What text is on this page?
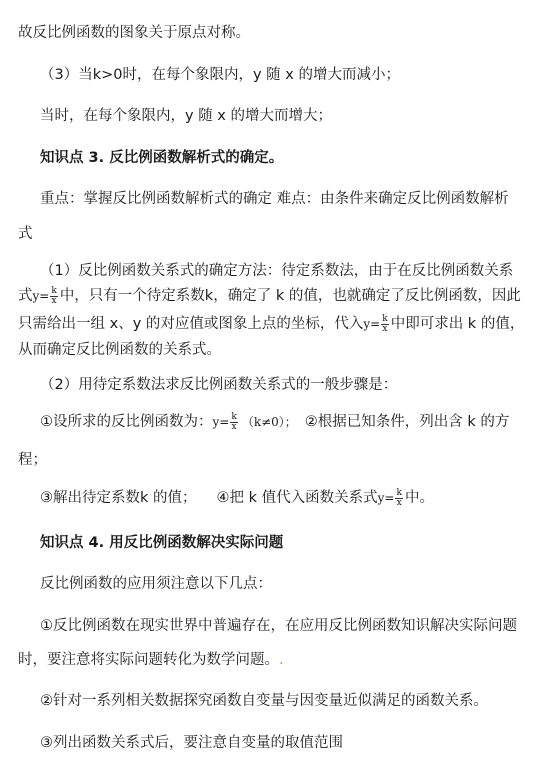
故反比例函数的图象关于原点对称。
（3）当k>0时，在每个象限内，y 随 x 的增大而减小；
当时，在每个象限内，y 随 x 的增大而增大；
知识点 3. 反比例函数解析式的确定。
重点：掌握反比例函数解析式的确定 难点：由条件来确定反比例函数解析
式
（1）反比例函数关系式的确定方法：待定系数法，由于在反比例函数关系
式$y= \frac{k}{x}$ 中，只有一个待定系数k，确定了 k 的值，也就确定了反比例函数，因此
只需给出一组 x、y 的对应值或图象上点的坐标，代入$y= \frac{k}{x}$ 中即可求出 k 的值，
从而确定反比例函数的关系式。
（2）用待定系数法求反比例函数关系式的一般步骤是：
①设所求的反比例函数为：$y= \frac{k}{x} (k\ne 0)$； ②根据已知条件，列出含 k 的方
程；
③解出待定系数k 的值； ④把 k 值代入函数关系式$y= \frac{k}{x}$ 中。
知识点 4. 用反比例函数解决实际问题
反比例函数的应用须注意以下几点：
①反比例函数在现实世界中普遍存在，在应用反比例函数知识解决实际问题
时，要注意将实际问题转化为数学问题。.
②针对一系列相关数据探究函数自变量与因变量近似满足的函数关系。
③列出函数关系式后，要注意自变量的取值范围
